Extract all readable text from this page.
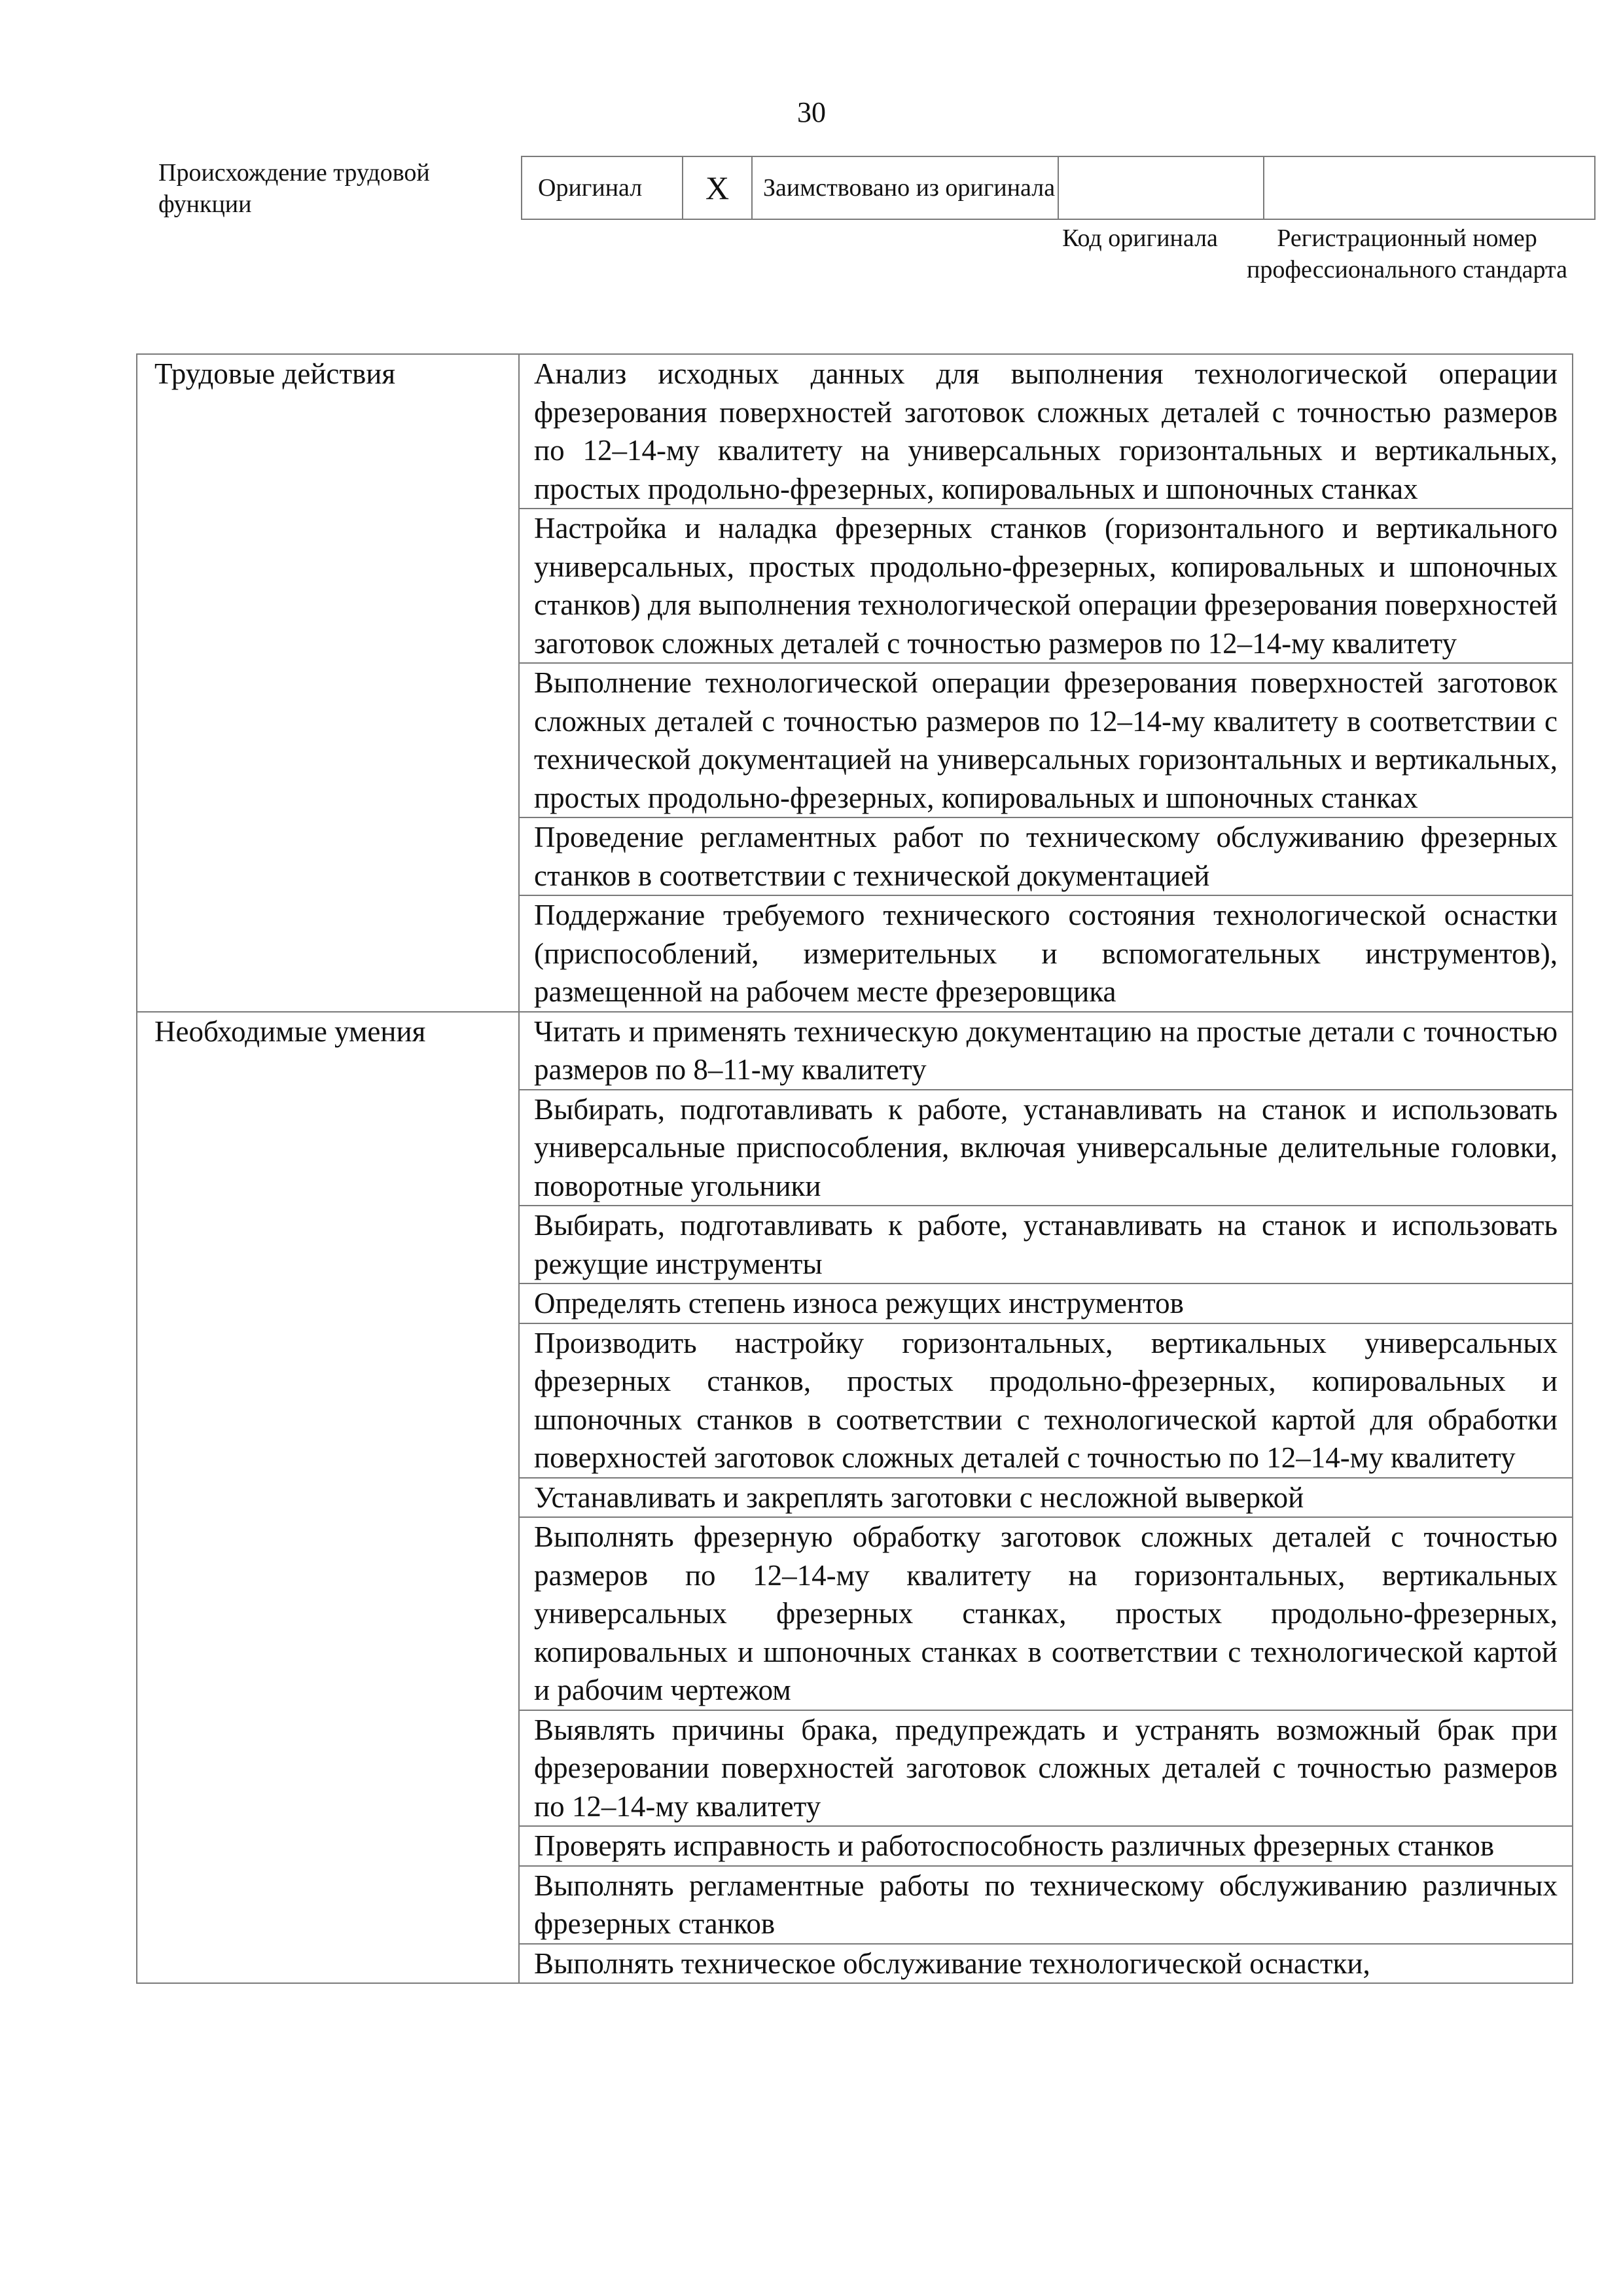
30
Происхождение трудовой функции
Оригинал	X	Заимствовано из оригинала		
Код оригинала	Регистрационный номер профессионального стандарта
Трудовые действия	Анализ исходных данных для выполнения технологической операции фрезерования поверхностей заготовок сложных деталей с точностью размеров по 12–14-му квалитету на универсальных горизонтальных и вертикальных, простых продольно-фрезерных, копировальных и шпоночных станках

	Настройка и наладка фрезерных станков (горизонтального и вертикального универсальных, простых продольно-фрезерных, копировальных и шпоночных станков) для выполнения технологической операции фрезерования поверхностей заготовок сложных деталей с точностью размеров по 12–14-му квалитету

	Выполнение технологической операции фрезерования поверхностей заготовок сложных деталей с точностью размеров по 12–14-му квалитету в соответствии с технической документацией на универсальных горизонтальных и вертикальных, простых продольно-фрезерных, копировальных и шпоночных станках

	Проведение регламентных работ по техническому обслуживанию фрезерных станков в соответствии с технической документацией

	Поддержание требуемого технического состояния технологической оснастки (приспособлений, измерительных и вспомогательных инструментов), размещенной на рабочем месте фрезеровщика

Необходимые умения	Читать и применять техническую документацию на простые детали с точностью размеров по 8–11-му квалитету

	Выбирать, подготавливать к работе, устанавливать на станок и использовать универсальные приспособления, включая универсальные делительные головки, поворотные угольники

	Выбирать, подготавливать к работе, устанавливать на станок и использовать режущие инструменты

	Определять степень износа режущих инструментов

	Производить настройку горизонтальных, вертикальных универсальных фрезерных станков, простых продольно-фрезерных, копировальных и шпоночных станков в соответствии с технологической картой для обработки поверхностей заготовок сложных деталей с точностью по 12–14-му квалитету

	Устанавливать и закреплять заготовки с несложной выверкой

	Выполнять фрезерную обработку заготовок сложных деталей с точностью размеров по 12–14-му квалитету на горизонтальных, вертикальных универсальных фрезерных станках, простых продольно-фрезерных, копировальных и шпоночных станках в соответствии с технологической картой и рабочим чертежом

	Выявлять причины брака, предупреждать и устранять возможный брак при фрезеровании поверхностей заготовок сложных деталей с точностью размеров по 12–14-му квалитету

	Проверять исправность и работоспособность различных фрезерных станков

	Выполнять регламентные работы по техническому обслуживанию различных фрезерных станков

	Выполнять техническое обслуживание технологической оснастки,
